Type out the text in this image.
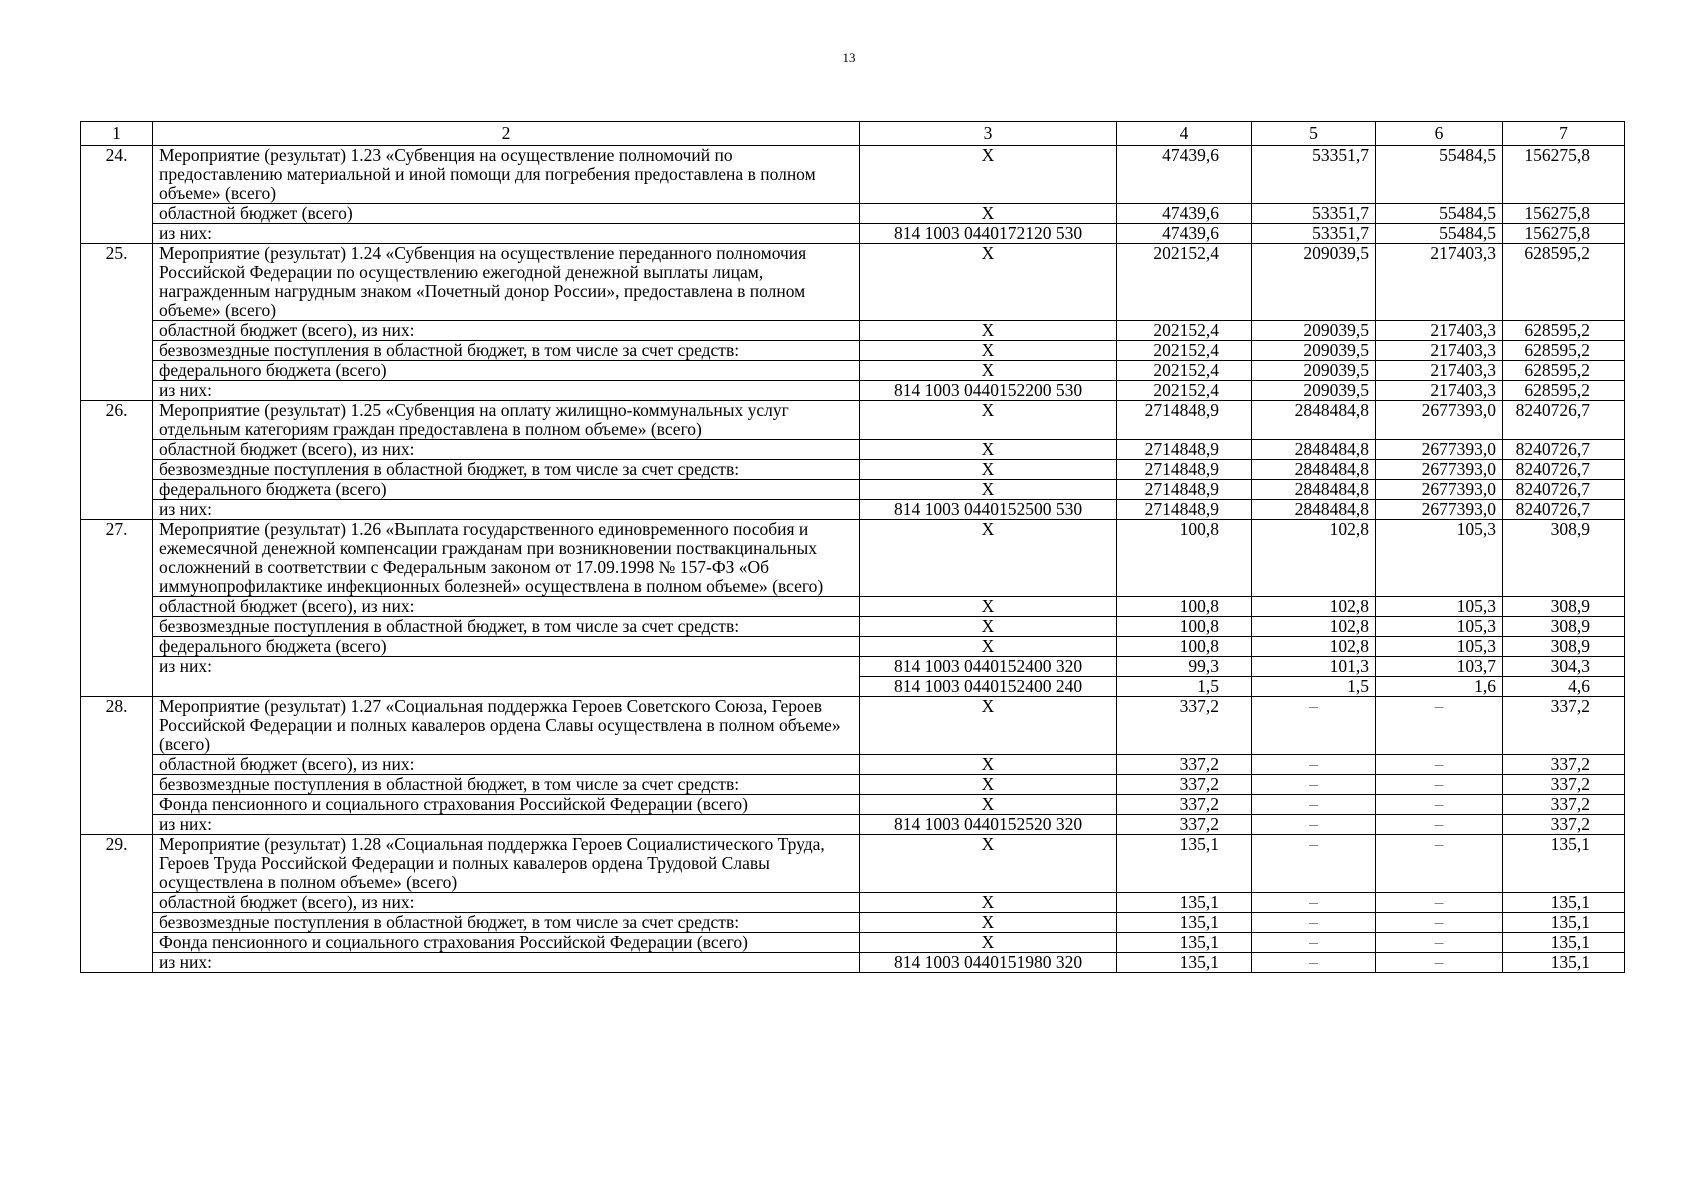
13
1	2	3	4	5	6	7
24.	Мероприятие (результат) 1.23 «Субвенция на осуществление полномочий по предоставлению материальной и иной помощи для погребения предоставлена в полном объеме» (всего)	Х	47439,6	53351,7	55484,5	156275,8
	областной бюджет (всего)	Х	47439,6	53351,7	55484,5	156275,8
	из них:	814 1003 0440172120 530	47439,6	53351,7	55484,5	156275,8
25.	Мероприятие (результат) 1.24 «Субвенция на осуществление переданного полномочия Российской Федерации по осуществлению ежегодной денежной выплаты лицам, награжденным нагрудным знаком «Почетный донор России», предоставлена в полном объеме» (всего)	Х	202152,4	209039,5	217403,3	628595,2
	областной бюджет (всего), из них:	Х	202152,4	209039,5	217403,3	628595,2
	безвозмездные поступления в областной бюджет, в том числе за счет средств:	Х	202152,4	209039,5	217403,3	628595,2
	федерального бюджета (всего)	Х	202152,4	209039,5	217403,3	628595,2
	из них:	814 1003 0440152200 530	202152,4	209039,5	217403,3	628595,2
26.	Мероприятие (результат) 1.25 «Субвенция на оплату жилищно-коммунальных услуг отдельным категориям граждан предоставлена в полном объеме» (всего)	Х	2714848,9	2848484,8	2677393,0	8240726,7
	областной бюджет (всего), из них:	Х	2714848,9	2848484,8	2677393,0	8240726,7
	безвозмездные поступления в областной бюджет, в том числе за счет средств:	Х	2714848,9	2848484,8	2677393,0	8240726,7
	федерального бюджета (всего)	Х	2714848,9	2848484,8	2677393,0	8240726,7
	из них:	814 1003 0440152500 530	2714848,9	2848484,8	2677393,0	8240726,7
27.	Мероприятие (результат) 1.26 «Выплата государственного единовременного пособия и ежемесячной денежной компенсации гражданам при возникновении поствакцинальных осложнений в соответствии с Федеральным законом от 17.09.1998 № 157-ФЗ «Об иммунопрофилактике инфекционных болезней» осуществлена в полном объеме» (всего)	Х	100,8	102,8	105,3	308,9
	областной бюджет (всего), из них:	Х	100,8	102,8	105,3	308,9
	безвозмездные поступления в областной бюджет, в том числе за счет средств:	Х	100,8	102,8	105,3	308,9
	федерального бюджета (всего)	Х	100,8	102,8	105,3	308,9
	из них:	814 1003 0440152400 320	99,3	101,3	103,7	304,3
		814 1003 0440152400 240	1,5	1,5	1,6	4,6
28.	Мероприятие (результат) 1.27 «Социальная поддержка Героев Советского Союза, Героев Российской Федерации и полных кавалеров ордена Славы осуществлена в полном объеме» (всего)	Х	337,2	–	–	337,2
	областной бюджет (всего), из них:	Х	337,2	–	–	337,2
	безвозмездные поступления в областной бюджет, в том числе за счет средств:	Х	337,2	–	–	337,2
	Фонда пенсионного и социального страхования Российской Федерации (всего)	Х	337,2	–	–	337,2
	из них:	814 1003 0440152520 320	337,2	–	–	337,2
29.	Мероприятие (результат) 1.28 «Социальная поддержка Героев Социалистического Труда, Героев Труда Российской Федерации и полных кавалеров ордена Трудовой Славы осуществлена в полном объеме» (всего)	Х	135,1	–	–	135,1
	областной бюджет (всего), из них:	Х	135,1	–	–	135,1
	безвозмездные поступления в областной бюджет, в том числе за счет средств:	Х	135,1	–	–	135,1
	Фонда пенсионного и социального страхования Российской Федерации (всего)	Х	135,1	–	–	135,1
	из них:	814 1003 0440151980 320	135,1	–	–	135,1
